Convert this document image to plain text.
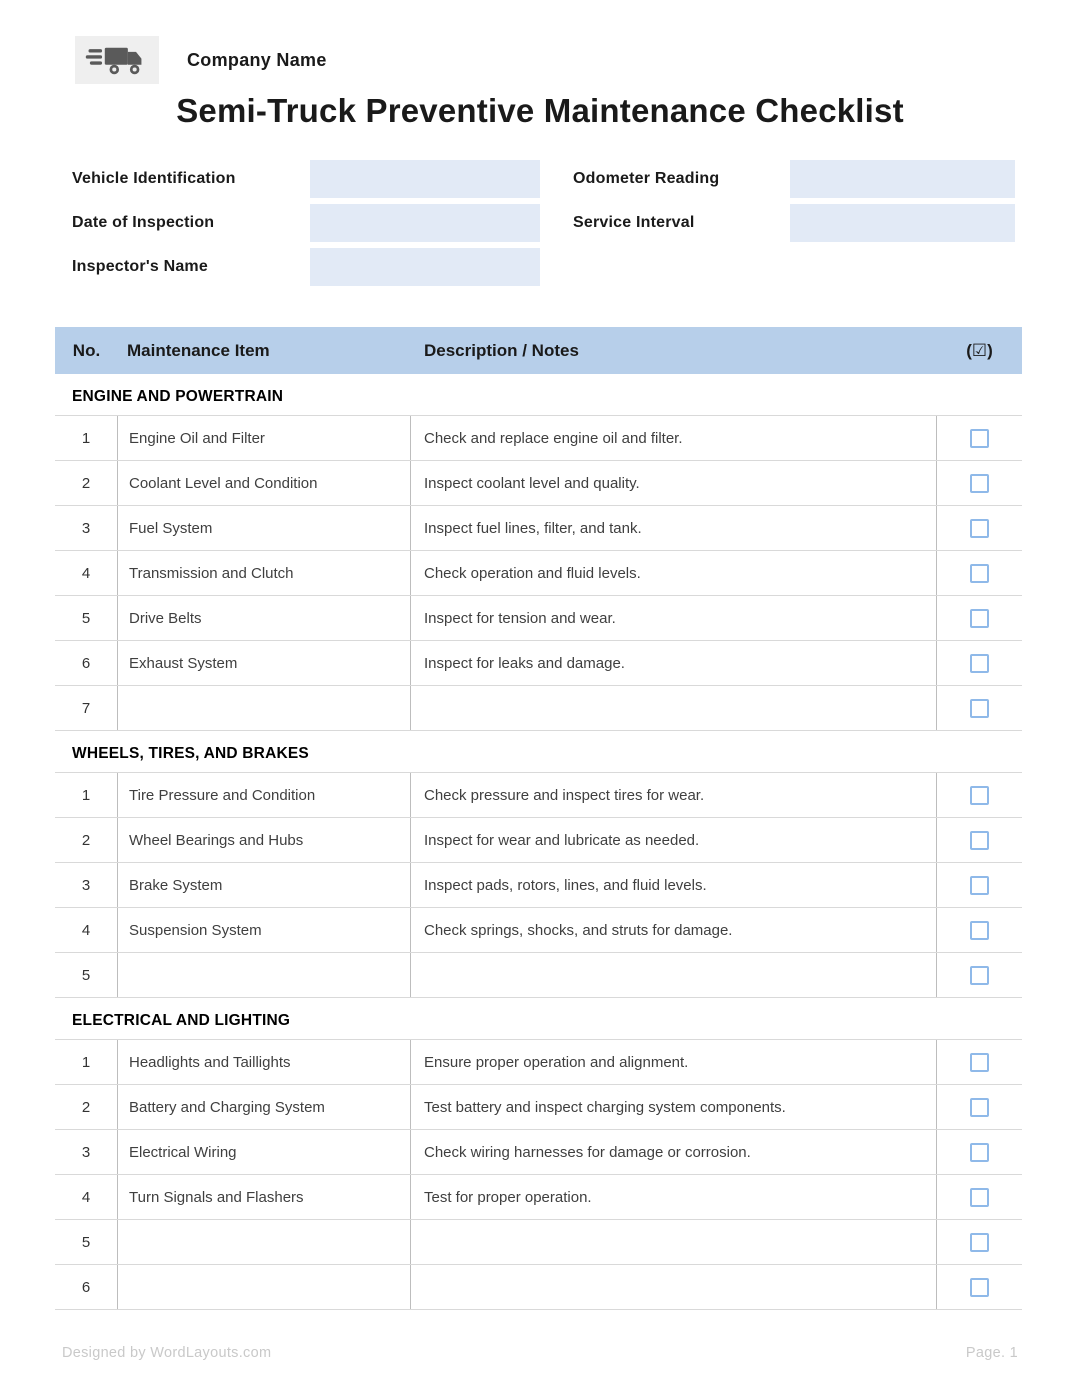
Company Name
Semi-Truck Preventive Maintenance Checklist
Vehicle Identification	Odometer Reading
Date of Inspection	Service Interval
Inspector's Name
No.	Maintenance Item	Description / Notes	(☑)
ENGINE AND POWERTRAIN
1	Engine Oil and Filter	Check and replace engine oil and filter.
2	Coolant Level and Condition	Inspect coolant level and quality.
3	Fuel System	Inspect fuel lines, filter, and tank.
4	Transmission and Clutch	Check operation and fluid levels.
5	Drive Belts	Inspect for tension and wear.
6	Exhaust System	Inspect for leaks and damage.
7
WHEELS, TIRES, AND BRAKES
1	Tire Pressure and Condition	Check pressure and inspect tires for wear.
2	Wheel Bearings and Hubs	Inspect for wear and lubricate as needed.
3	Brake System	Inspect pads, rotors, lines, and fluid levels.
4	Suspension System	Check springs, shocks, and struts for damage.
5
ELECTRICAL AND LIGHTING
1	Headlights and Taillights	Ensure proper operation and alignment.
2	Battery and Charging System	Test battery and inspect charging system components.
3	Electrical Wiring	Check wiring harnesses for damage or corrosion.
4	Turn Signals and Flashers	Test for proper operation.
5
6
Designed by WordLayouts.com	Page. 1
